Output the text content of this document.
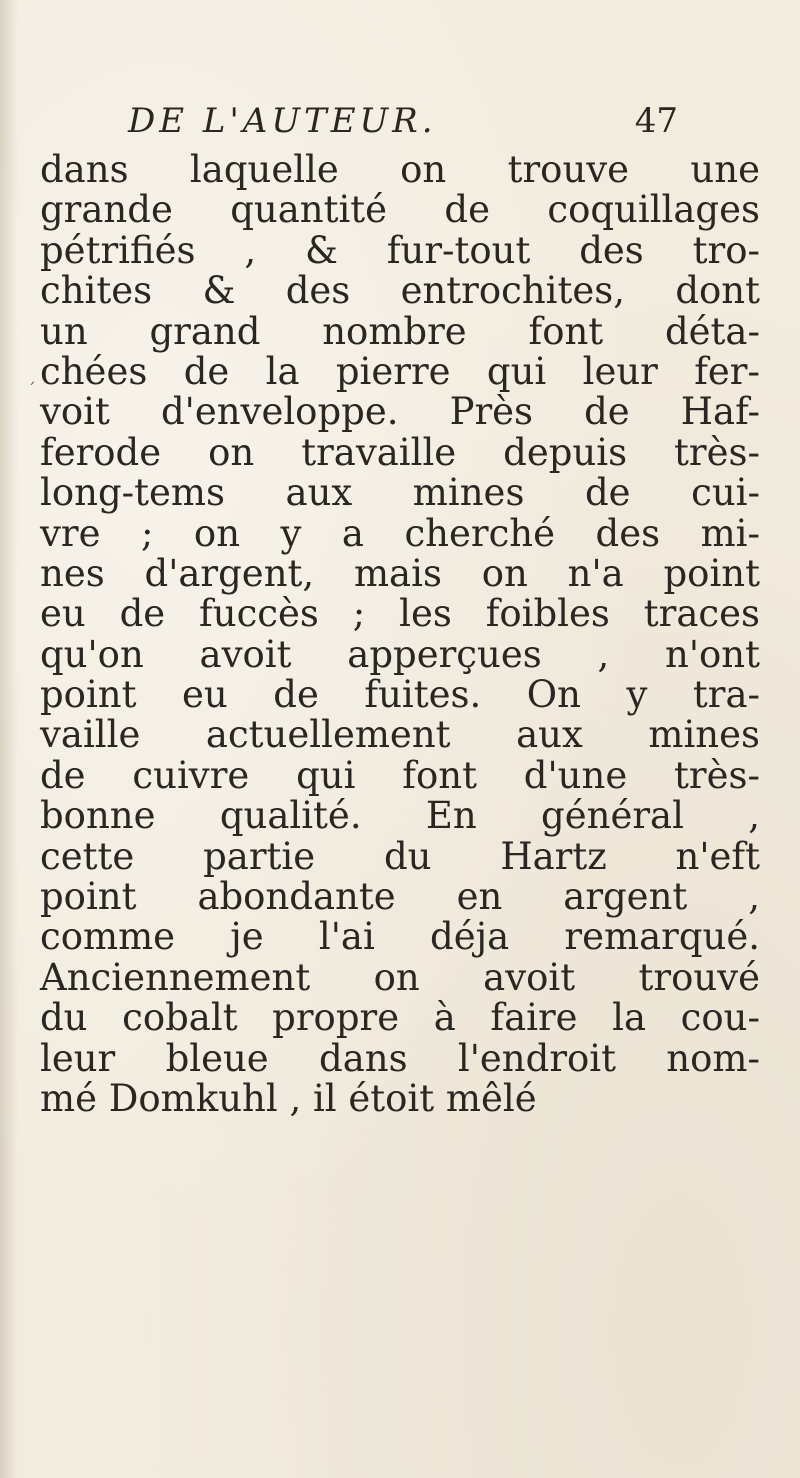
DE L'AUTEUR.	47
´
dans laquelle on trouve une
grande quantité de coquillages
pétrifiés , & fur-tout des tro-
chites & des entrochites, dont
un grand nombre font déta-
chées de la pierre qui leur fer-
voit d'enveloppe. Près de Haf-
ferode on travaille depuis très-
long-tems aux mines de cui-
vre ; on y a cherché des mi-
nes d'argent, mais on n'a point
eu de fuccès ; les foibles traces
qu'on avoit apperçues , n'ont
point eu de fuites. On y tra-
vaille actuellement aux mines
de cuivre qui font d'une très-
bonne qualité. En général ,
cette partie du Hartz n'eft
point abondante en argent ,
comme je l'ai déja remarqué.
Anciennement on avoit trouvé
du cobalt propre à faire la cou-
leur bleue dans l'endroit nom-
mé Domkuhl , il étoit mêlé
